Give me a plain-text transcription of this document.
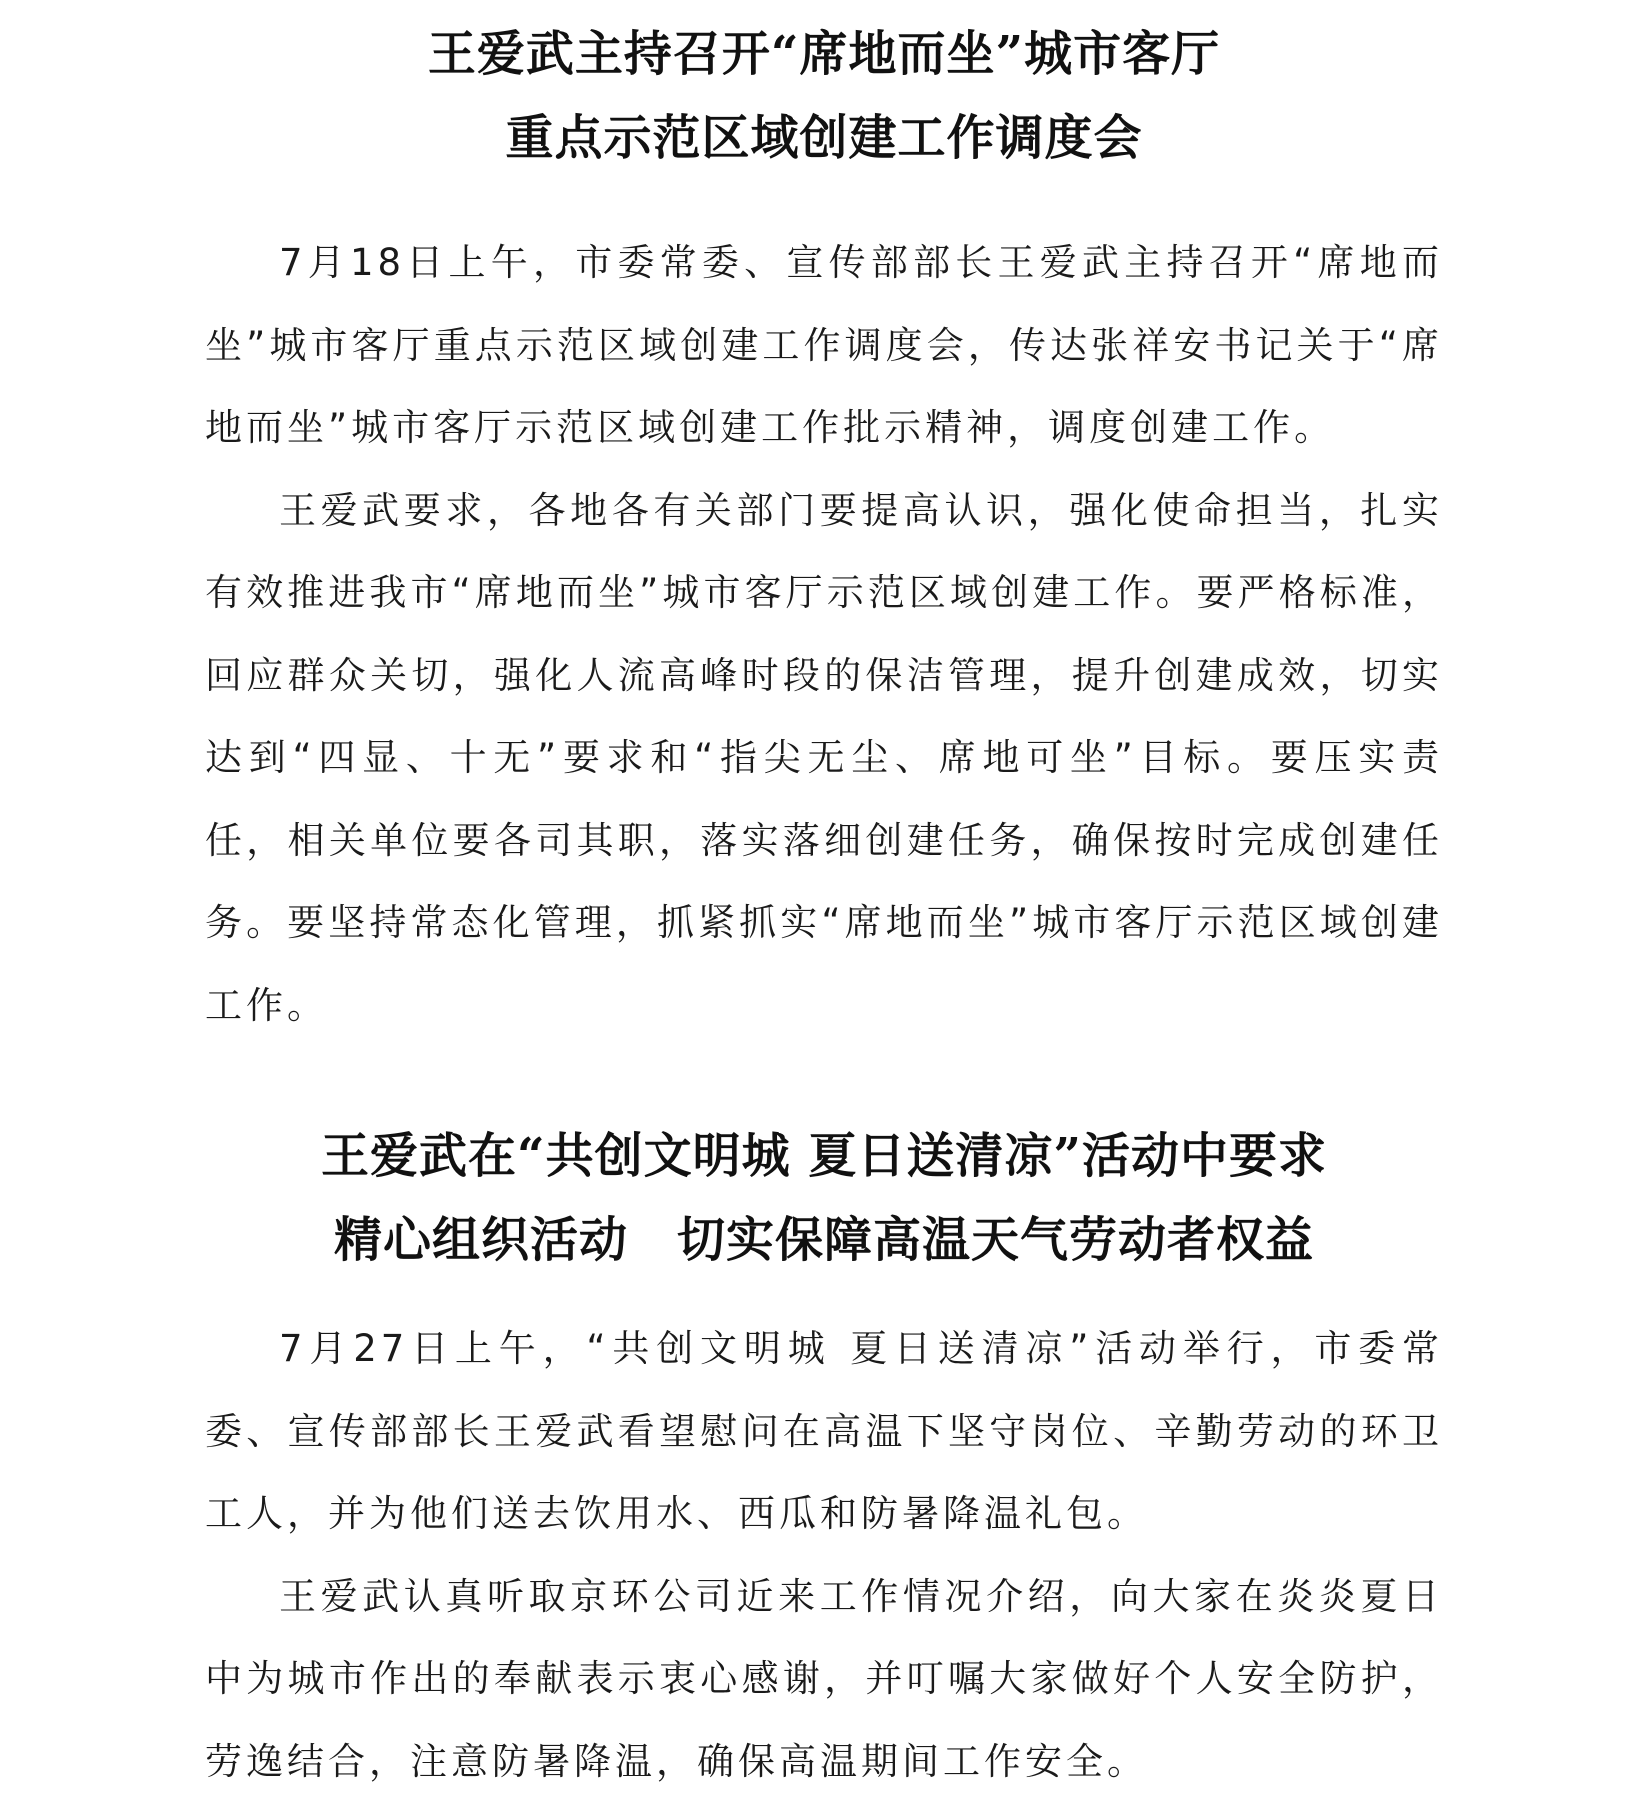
王爱武主持召开“席地而坐”城市客厅
重点示范区域创建工作调度会

7月18日上午，市委常委、宣传部部长王爱武主持召开“席地而坐”城市客厅重点示范区域创建工作调度会，传达张祥安书记关于“席地而坐”城市客厅示范区域创建工作批示精神，调度创建工作。

王爱武要求，各地各有关部门要提高认识，强化使命担当，扎实有效推进我市“席地而坐”城市客厅示范区域创建工作。要严格标准，回应群众关切，强化人流高峰时段的保洁管理，提升创建成效，切实达到“四显、十无”要求和“指尖无尘、席地可坐”目标。要压实责任，相关单位要各司其职，落实落细创建任务，确保按时完成创建任务。要坚持常态化管理，抓紧抓实“席地而坐”城市客厅示范区域创建工作。

王爱武在“共创文明城 夏日送清凉”活动中要求
精心组织活动　切实保障高温天气劳动者权益

7月27日上午，“共创文明城 夏日送清凉”活动举行，市委常委、宣传部部长王爱武看望慰问在高温下坚守岗位、辛勤劳动的环卫工人，并为他们送去饮用水、西瓜和防暑降温礼包。

王爱武认真听取京环公司近来工作情况介绍，向大家在炎炎夏日中为城市作出的奉献表示衷心感谢，并叮嘱大家做好个人安全防护，劳逸结合，注意防暑降温，确保高温期间工作安全。
